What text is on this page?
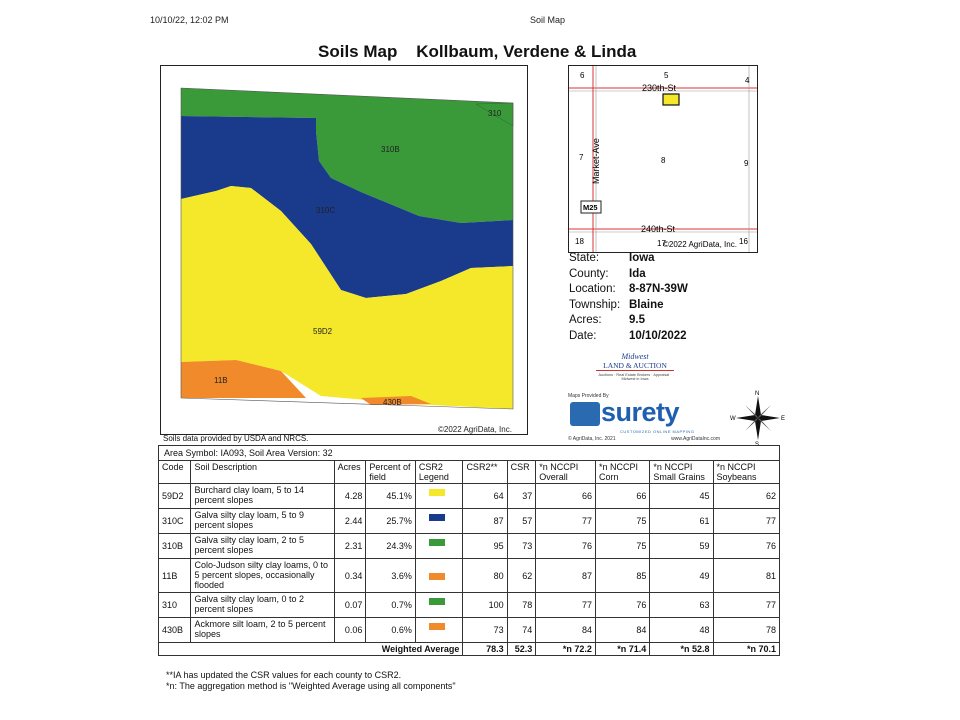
10/10/22, 12:02 PM	Soil Map
Soils Map    Kollbaum, Verdene & Linda
310
310B
310C
59D2
11B
430B
©2022 AgriData, Inc.
6	5
4
7	8	9
18	17	16
230th-St
240th-St
Market-Ave
M25
©2022 AgriData, Inc.
State:	Iowa
County: Ida
Location: 8-87N-39W
Township: Blaine
Acres: 9.5
Date:	10/10/2022
Midwest
LAND & AUCTION
Auctions · Real Estate Brokers · Appraisal · Midwest in Iowa
Maps Provided By
surety
CUSTOMIZED ONLINE MAPPING
© AgriData, Inc. 2021	www.AgriDataInc.com
N
S
E
W
Soils data provided by USDA and NRCS.
Area Symbol: IA093, Soil Area Version: 32										
Code	Soil Description	Acres	Percent of field	CSR2 Legend	CSR2**	CSR	*n NCCPI Overall	*n NCCPI Corn	*n NCCPI Small Grains	*n NCCPI Soybeans
59D2	Burchard clay loam, 5 to 14 percent slopes	4.28	45.1%		64	37	66	66	45	62
310C	Galva silty clay loam, 5 to 9 percent slopes	2.44	25.7%		87	57	77	75	61	77
310B	Galva silty clay loam, 2 to 5 percent slopes	2.31	24.3%		95	73	76	75	59	76
11B	Colo-Judson silty clay loams, 0 to 5 percent slopes, occasionally flooded	0.34	3.6%		80	62	87	85	49	81
310	Galva silty clay loam, 0 to 2 percent slopes	0.07	0.7%		100	78	77	76	63	77
430B	Ackmore silt loam, 2 to 5 percent slopes	0.06	0.6%		73	74	84	84	48	78
Weighted Average					78.3	52.3	*n 72.2	*n 71.4	*n 52.8	*n 70.1
**IA has updated the CSR values for each county to CSR2.
*n: The aggregation method is "Weighted Average using all components"
